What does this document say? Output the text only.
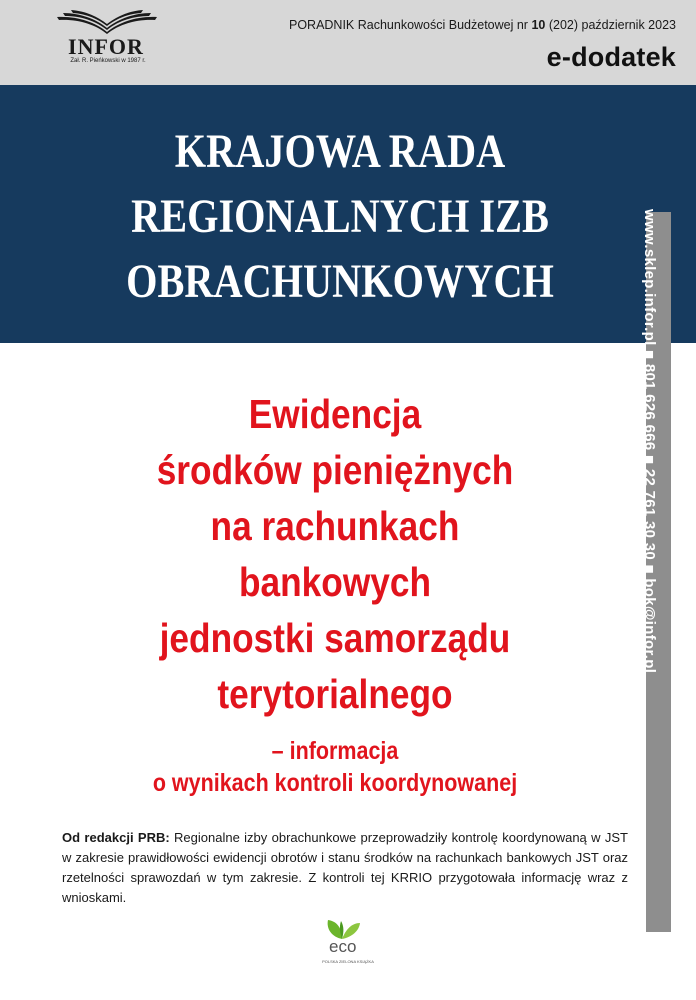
INFOR
Zał. R. Pieńkowski w 1987 r.
PORADNIK Rachunkowości Budżetowej nr 10 (202) październik 2023
e-dodatek
KRAJOWA RADA
REGIONALNYCH IZB
OBRACHUNKOWYCH	www.sklep.infor.pl ■ 801 626 666 ■ 22 761 30 30 ■ bok@infor.pl
Ewidencja
środków pieniężnych
na rachunkach
bankowych
jednostki samorządu
terytorialnego
– informacja
o wynikach kontroli koordynowanej

Od redakcji PRB: Regionalne izby obrachunkowe przeprowadziły kontrolę koordynowaną w JST w zakresie prawidłowości ewidencji obrotów i stanu środków na rachunkach bankowych JST oraz rzetelności sprawozdań w tym zakresie. Z kontroli tej KRRIO przygotowała informację wraz z wnioskami.

eco
POLSKA ZIELONA KSIĄŻKA
